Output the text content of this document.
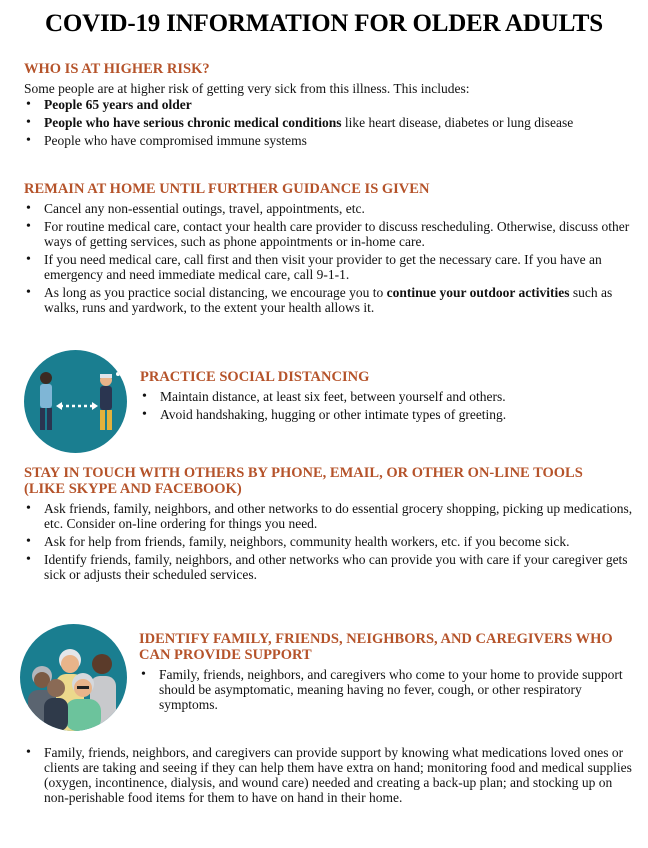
COVID-19 INFORMATION FOR OLDER ADULTS
WHO IS AT HIGHER RISK?
Some people are at higher risk of getting very sick from this illness. This includes:
• People 65 years and older
• People who have serious chronic medical conditions like heart disease, diabetes or lung disease
• People who have compromised immune systems
REMAIN AT HOME UNTIL FURTHER GUIDANCE IS GIVEN
• Cancel any non-essential outings, travel, appointments, etc.
• For routine medical care, contact your health care provider to discuss rescheduling. Otherwise, discuss other ways of getting services, such as phone appointments or in-home care.
• If you need medical care, call first and then visit your provider to get the necessary care. If you have an emergency and need immediate medical care, call 9-1-1.
• As long as you practice social distancing, we encourage you to continue your outdoor activities such as walks, runs and yardwork, to the extent your health allows it.
PRACTICE SOCIAL DISTANCING
• Maintain distance, at least six feet, between yourself and others.
• Avoid handshaking, hugging or other intimate types of greeting.
STAY IN TOUCH WITH OTHERS BY PHONE, EMAIL, OR OTHER ON-LINE TOOLS (LIKE SKYPE AND FACEBOOK)
• Ask friends, family, neighbors, and other networks to do essential grocery shopping, picking up medications, etc. Consider on-line ordering for things you need.
• Ask for help from friends, family, neighbors, community health workers, etc. if you become sick.
• Identify friends, family, neighbors, and other networks who can provide you with care if your caregiver gets sick or adjusts their scheduled services.
IDENTIFY FAMILY, FRIENDS, NEIGHBORS, AND CAREGIVERS WHO CAN PROVIDE SUPPORT
• Family, friends, neighbors, and caregivers who come to your home to provide support should be asymptomatic, meaning having no fever, cough, or other respiratory symptoms.
• Family, friends, neighbors, and caregivers can provide support by knowing what medications loved ones or clients are taking and seeing if they can help them have extra on hand; monitoring food and medical supplies (oxygen, incontinence, dialysis, and wound care) needed and creating a back-up plan; and stocking up on non-perishable food items for them to have on hand in their home.
